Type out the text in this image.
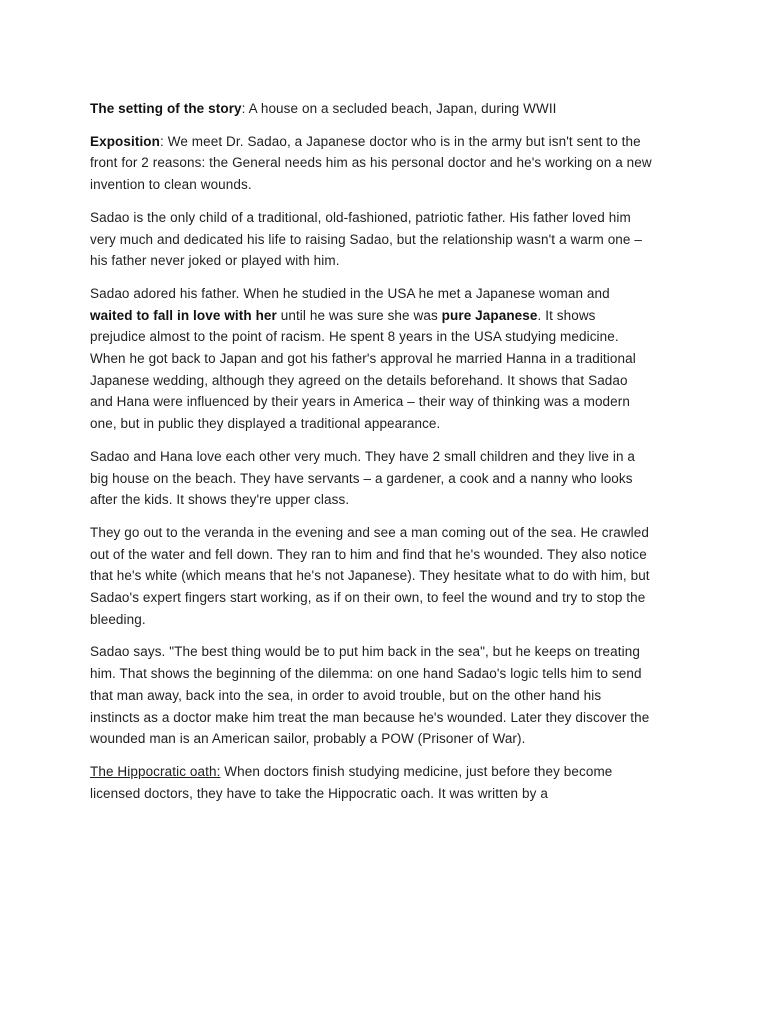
The setting of the story: A house on a secluded beach, Japan, during WWII

Exposition: We meet Dr. Sadao, a Japanese doctor who is in the army but isn't sent to the front for 2 reasons: the General needs him as his personal doctor and he's working on a new invention to clean wounds.

Sadao is the only child of a traditional, old-fashioned, patriotic father. His father loved him very much and dedicated his life to raising Sadao, but the relationship wasn't a warm one – his father never joked or played with him.

Sadao adored his father. When he studied in the USA he met a Japanese woman and waited to fall in love with her until he was sure she was pure Japanese. It shows prejudice almost to the point of racism. He spent 8 years in the USA studying medicine. When he got back to Japan and got his father's approval he married Hanna in a traditional Japanese wedding, although they agreed on the details beforehand. It shows that Sadao and Hana were influenced by their years in America – their way of thinking was a modern one, but in public they displayed a traditional appearance.

Sadao and Hana love each other very much. They have 2 small children and they live in a big house on the beach. They have servants – a gardener, a cook and a nanny who looks after the kids. It shows they're upper class.

They go out to the veranda in the evening and see a man coming out of the sea. He crawled out of the water and fell down. They ran to him and find that he's wounded. They also notice that he's white (which means that he's not Japanese). They hesitate what to do with him, but Sadao's expert fingers start working, as if on their own, to feel the wound and try to stop the bleeding.

Sadao says. "The best thing would be to put him back in the sea", but he keeps on treating him. That shows the beginning of the dilemma: on one hand Sadao's logic tells him to send that man away, back into the sea, in order to avoid trouble, but on the other hand his instincts as a doctor make him treat the man because he's wounded. Later they discover the wounded man is an American sailor, probably a POW (Prisoner of War).

The Hippocratic oath: When doctors finish studying medicine, just before they become licensed doctors, they have to take the Hippocratic oach. It was written by a
